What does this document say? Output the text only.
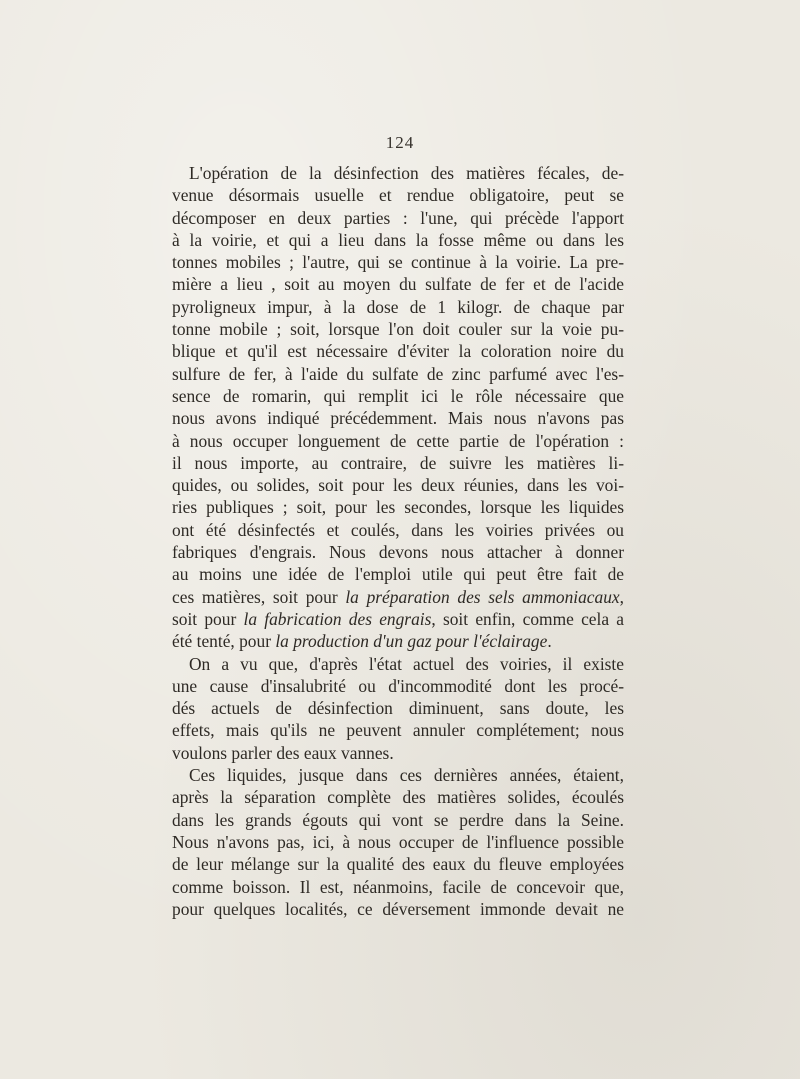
124
L'opération de la désinfection des matières fécales, de-
venue désormais usuelle et rendue obligatoire, peut se
décomposer en deux parties : l'une, qui précède l'apport
à la voirie, et qui a lieu dans la fosse même ou dans les
tonnes mobiles ; l'autre, qui se continue à la voirie. La pre-
mière a lieu , soit au moyen du sulfate de fer et de l'acide
pyroligneux impur, à la dose de 1 kilogr. de chaque par
tonne mobile ; soit, lorsque l'on doit couler sur la voie pu-
blique et qu'il est nécessaire d'éviter la coloration noire du
sulfure de fer, à l'aide du sulfate de zinc parfumé avec l'es-
sence de romarin, qui remplit ici le rôle nécessaire que
nous avons indiqué précédemment. Mais nous n'avons pas
à nous occuper longuement de cette partie de l'opération :
il nous importe, au contraire, de suivre les matières li-
quides, ou solides, soit pour les deux réunies, dans les voi-
ries publiques ; soit, pour les secondes, lorsque les liquides
ont été désinfectés et coulés, dans les voiries privées ou
fabriques d'engrais. Nous devons nous attacher à donner
au moins une idée de l'emploi utile qui peut être fait de
ces matières, soit pour la préparation des sels ammoniacaux,
soit pour la fabrication des engrais, soit enfin, comme cela a
été tenté, pour la production d'un gaz pour l'éclairage.
On a vu que, d'après l'état actuel des voiries, il existe
une cause d'insalubrité ou d'incommodité dont les procé-
dés actuels de désinfection diminuent, sans doute, les
effets, mais qu'ils ne peuvent annuler complétement; nous
voulons parler des eaux vannes.
Ces liquides, jusque dans ces dernières années, étaient,
après la séparation complète des matières solides, écoulés
dans les grands égouts qui vont se perdre dans la Seine.
Nous n'avons pas, ici, à nous occuper de l'influence possible
de leur mélange sur la qualité des eaux du fleuve employées
comme boisson. Il est, néanmoins, facile de concevoir que,
pour quelques localités, ce déversement immonde devait ne
